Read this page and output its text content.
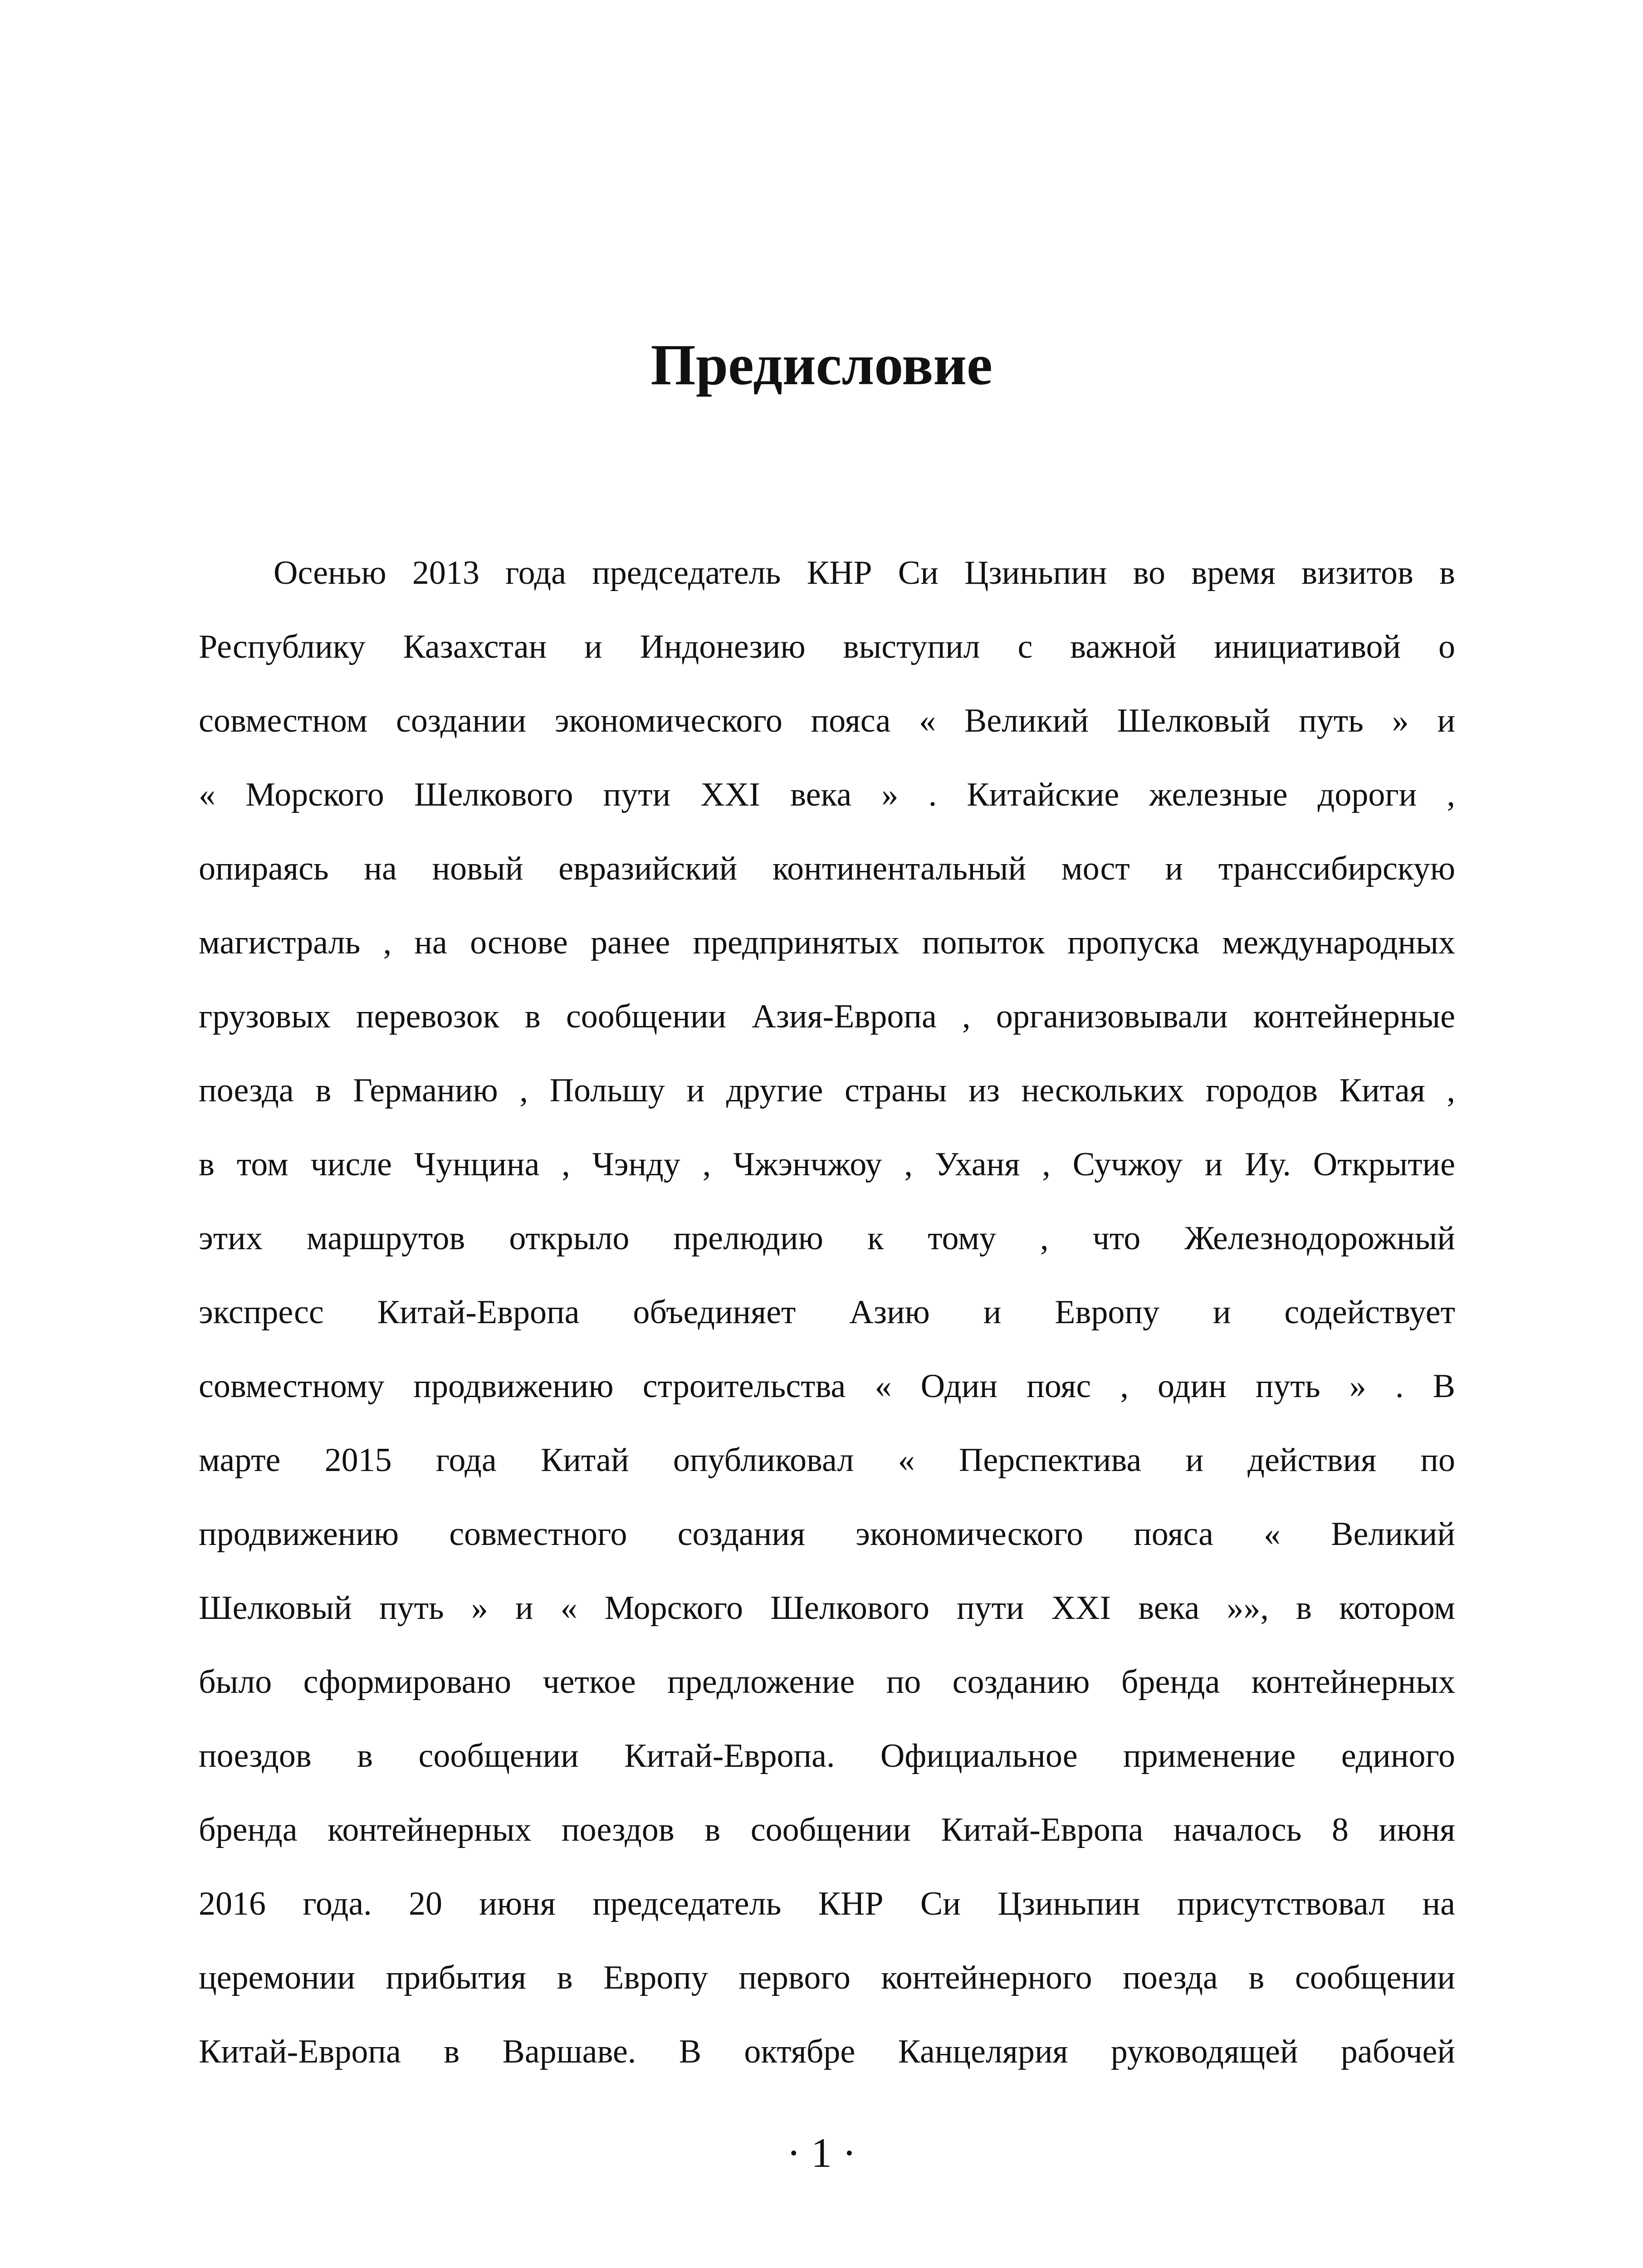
Предисловие
Осенью 2013 года председатель КНР Си Цзиньпин во время визитов в
Республику Казахстан и Индонезию выступил с важной инициативой о
совместном создании экономического пояса « Великий Шелковый путь » и
« Морского Шелкового пути XXI века » . Китайские железные дороги ,
опираясь на новый евразийский континентальный мост и транссибирскую
магистраль , на основе ранее предпринятых попыток пропуска международных
грузовых перевозок в сообщении Азия-Европа , организовывали контейнерные
поезда в Германию , Польшу и другие страны из нескольких городов Китая ,
в том числе Чунцина , Чэнду , Чжэнчжоу , Уханя , Сучжоу и Иу. Открытие
этих маршрутов открыло прелюдию к тому , что Железнодорожный
экспресс Китай-Европа объединяет Азию и Европу и содействует
совместному продвижению строительства « Один пояс , один путь » . В
марте 2015 года Китай опубликовал « Перспектива и действия по
продвижению совместного создания экономического пояса « Великий
Шелковый путь » и « Морского Шелкового пути XXI века »», в котором
было сформировано четкое предложение по созданию бренда контейнерных
поездов в сообщении Китай-Европа. Официальное применение единого
бренда контейнерных поездов в сообщении Китай-Европа началось 8 июня
2016 года. 20 июня председатель КНР Си Цзиньпин присутствовал на
церемонии прибытия в Европу первого контейнерного поезда в сообщении
Китай-Европа в Варшаве. В октябре Канцелярия руководящей рабочей
· 1 ·
